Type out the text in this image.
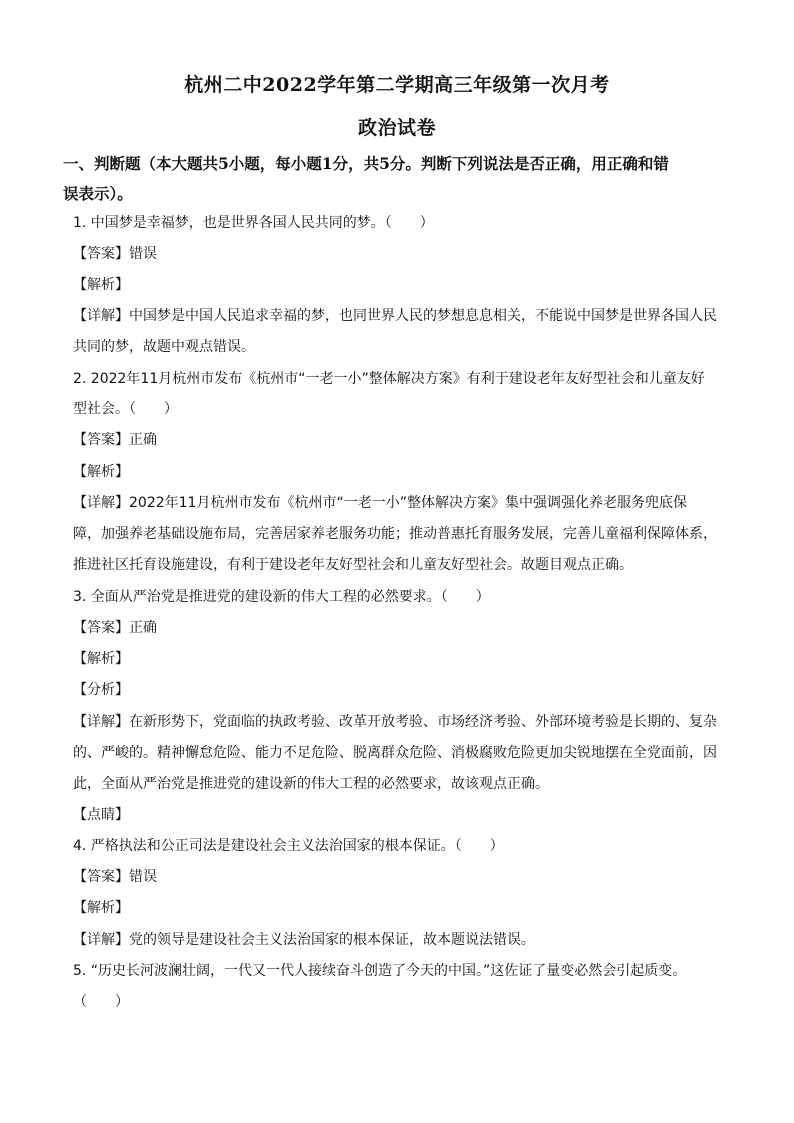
杭州二中2022学年第二学期高三年级第一次月考
政治试卷
一、判断题（本大题共5小题，每小题1分，共5分。判断下列说法是否正确，用正确和错
误表示）。
1. 中国梦是幸福梦，也是世界各国人民共同的梦。（　　）
【答案】错误
【解析】
【详解】中国梦是中国人民追求幸福的梦，也同世界人民的梦想息息相关，不能说中国梦是世界各国人民
共同的梦，故题中观点错误。
2. 2022年11月杭州市发布《杭州市“一老一小”整体解决方案》有利于建设老年友好型社会和儿童友好
型社会。（　　）
【答案】正确
【解析】
【详解】2022年11月杭州市发布《杭州市“一老一小”整体解决方案》集中强调强化养老服务兜底保
障，加强养老基础设施布局，完善居家养老服务功能；推动普惠托育服务发展，完善儿童福利保障体系，
推进社区托育设施建设，有利于建设老年友好型社会和儿童友好型社会。故题目观点正确。
3. 全面从严治党是推进党的建设新的伟大工程的必然要求。（　　）
【答案】正确
【解析】
【分析】
【详解】在新形势下，党面临的执政考验、改革开放考验、市场经济考验、外部环境考验是长期的、复杂
的、严峻的。精神懈怠危险、能力不足危险、脱离群众危险、消极腐败危险更加尖锐地摆在全党面前，因
此，全面从严治党是推进党的建设新的伟大工程的必然要求，故该观点正确。
【点睛】
4. 严格执法和公正司法是建设社会主义法治国家的根本保证。（　　）
【答案】错误
【解析】
【详解】党的领导是建设社会主义法治国家的根本保证，故本题说法错误。
5. “历史长河波澜壮阔，一代又一代人接续奋斗创造了今天的中国。”这佐证了量变必然会引起质变。
（　　）
